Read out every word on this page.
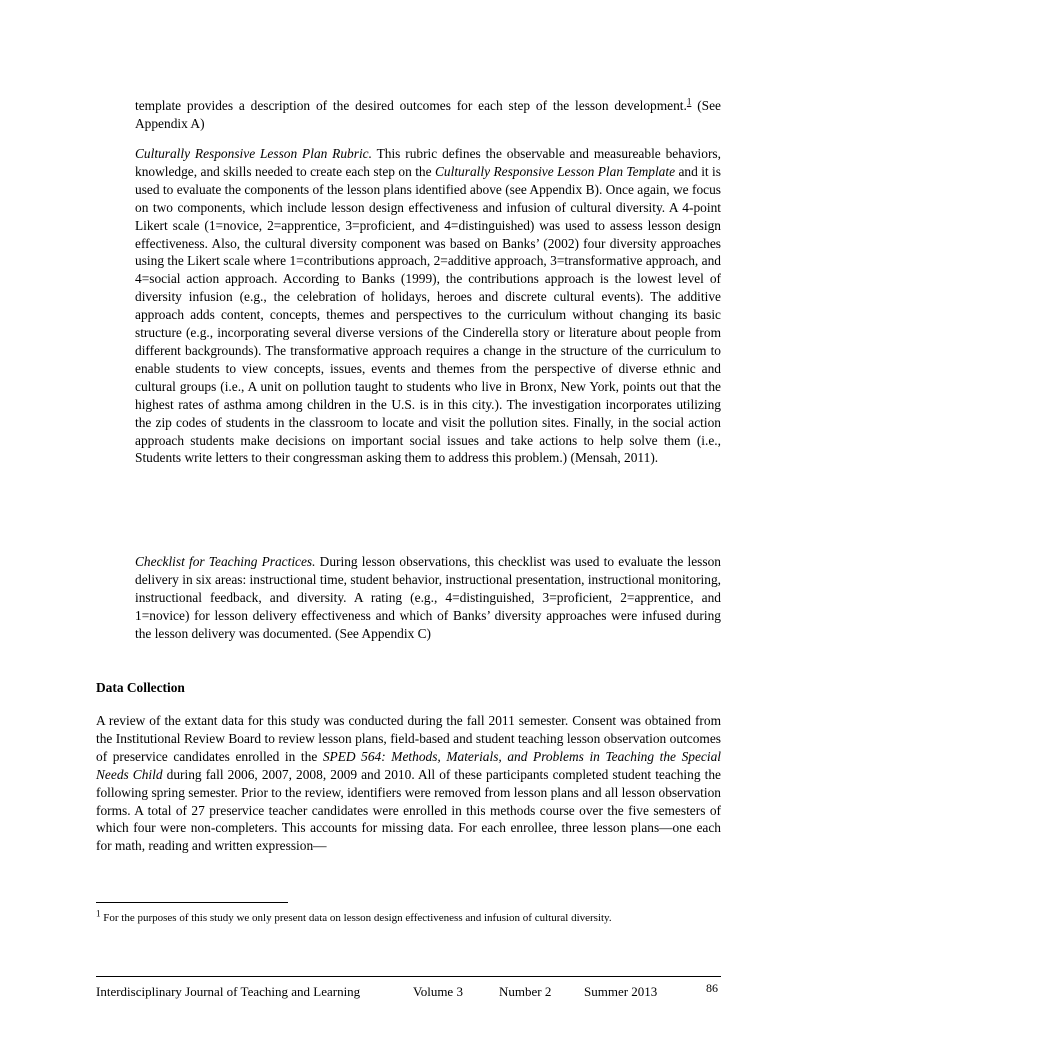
template provides a description of the desired outcomes for each step of the lesson development.$^1$ (See Appendix A)

Culturally Responsive Lesson Plan Rubric. This rubric defines the observable and measureable behaviors, knowledge, and skills needed to create each step on the Culturally Responsive Lesson Plan Template and it is used to evaluate the components of the lesson plans identified above (see Appendix B). Once again, we focus on two components, which include lesson design effectiveness and infusion of cultural diversity. A 4-point Likert scale (1=novice, 2=apprentice, 3=proficient, and 4=distinguished) was used to assess lesson design effectiveness. Also, the cultural diversity component was based on Banks’ (2002) four diversity approaches using the Likert scale where 1=contributions approach, 2=additive approach, 3=transformative approach, and 4=social action approach. According to Banks (1999), the contributions approach is the lowest level of diversity infusion (e.g., the celebration of holidays, heroes and discrete cultural events). The additive approach adds content, concepts, themes and perspectives to the curriculum without changing its basic structure (e.g., incorporating several diverse versions of the Cinderella story or literature about people from different backgrounds). The transformative approach requires a change in the structure of the curriculum to enable students to view concepts, issues, events and themes from the perspective of diverse ethnic and cultural groups (i.e., A unit on pollution taught to students who live in Bronx, New York, points out that the highest rates of asthma among children in the U.S. is in this city.). The investigation incorporates utilizing the zip codes of students in the classroom to locate and visit the pollution sites. Finally, in the social action approach students make decisions on important social issues and take actions to help solve them (i.e., Students write letters to their congressman asking them to address this problem.) (Mensah, 2011).

Checklist for Teaching Practices. During lesson observations, this checklist was used to evaluate the lesson delivery in six areas: instructional time, student behavior, instructional presentation, instructional monitoring, instructional feedback, and diversity. A rating (e.g., 4=distinguished, 3=proficient, 2=apprentice, and 1=novice) for lesson delivery effectiveness and which of Banks’ diversity approaches were infused during the lesson delivery was documented. (See Appendix C)

Data Collection

A review of the extant data for this study was conducted during the fall 2011 semester. Consent was obtained from the Institutional Review Board to review lesson plans, field-based and student teaching lesson observation outcomes of preservice candidates enrolled in the SPED 564: Methods, Materials, and Problems in Teaching the Special Needs Child during fall 2006, 2007, 2008, 2009 and 2010. All of these participants completed student teaching the following spring semester. Prior to the review, identifiers were removed from lesson plans and all lesson observation forms. A total of 27 preservice teacher candidates were enrolled in this methods course over the five semesters of which four were non-completers. This accounts for missing data. For each enrollee, three lesson plans—one each for math, reading and written expression—

$^1$ For the purposes of this study we only present data on lesson design effectiveness and infusion of cultural diversity.

Interdisciplinary Journal of Teaching and Learning	Volume 3	Number 2	Summer 2013	86
